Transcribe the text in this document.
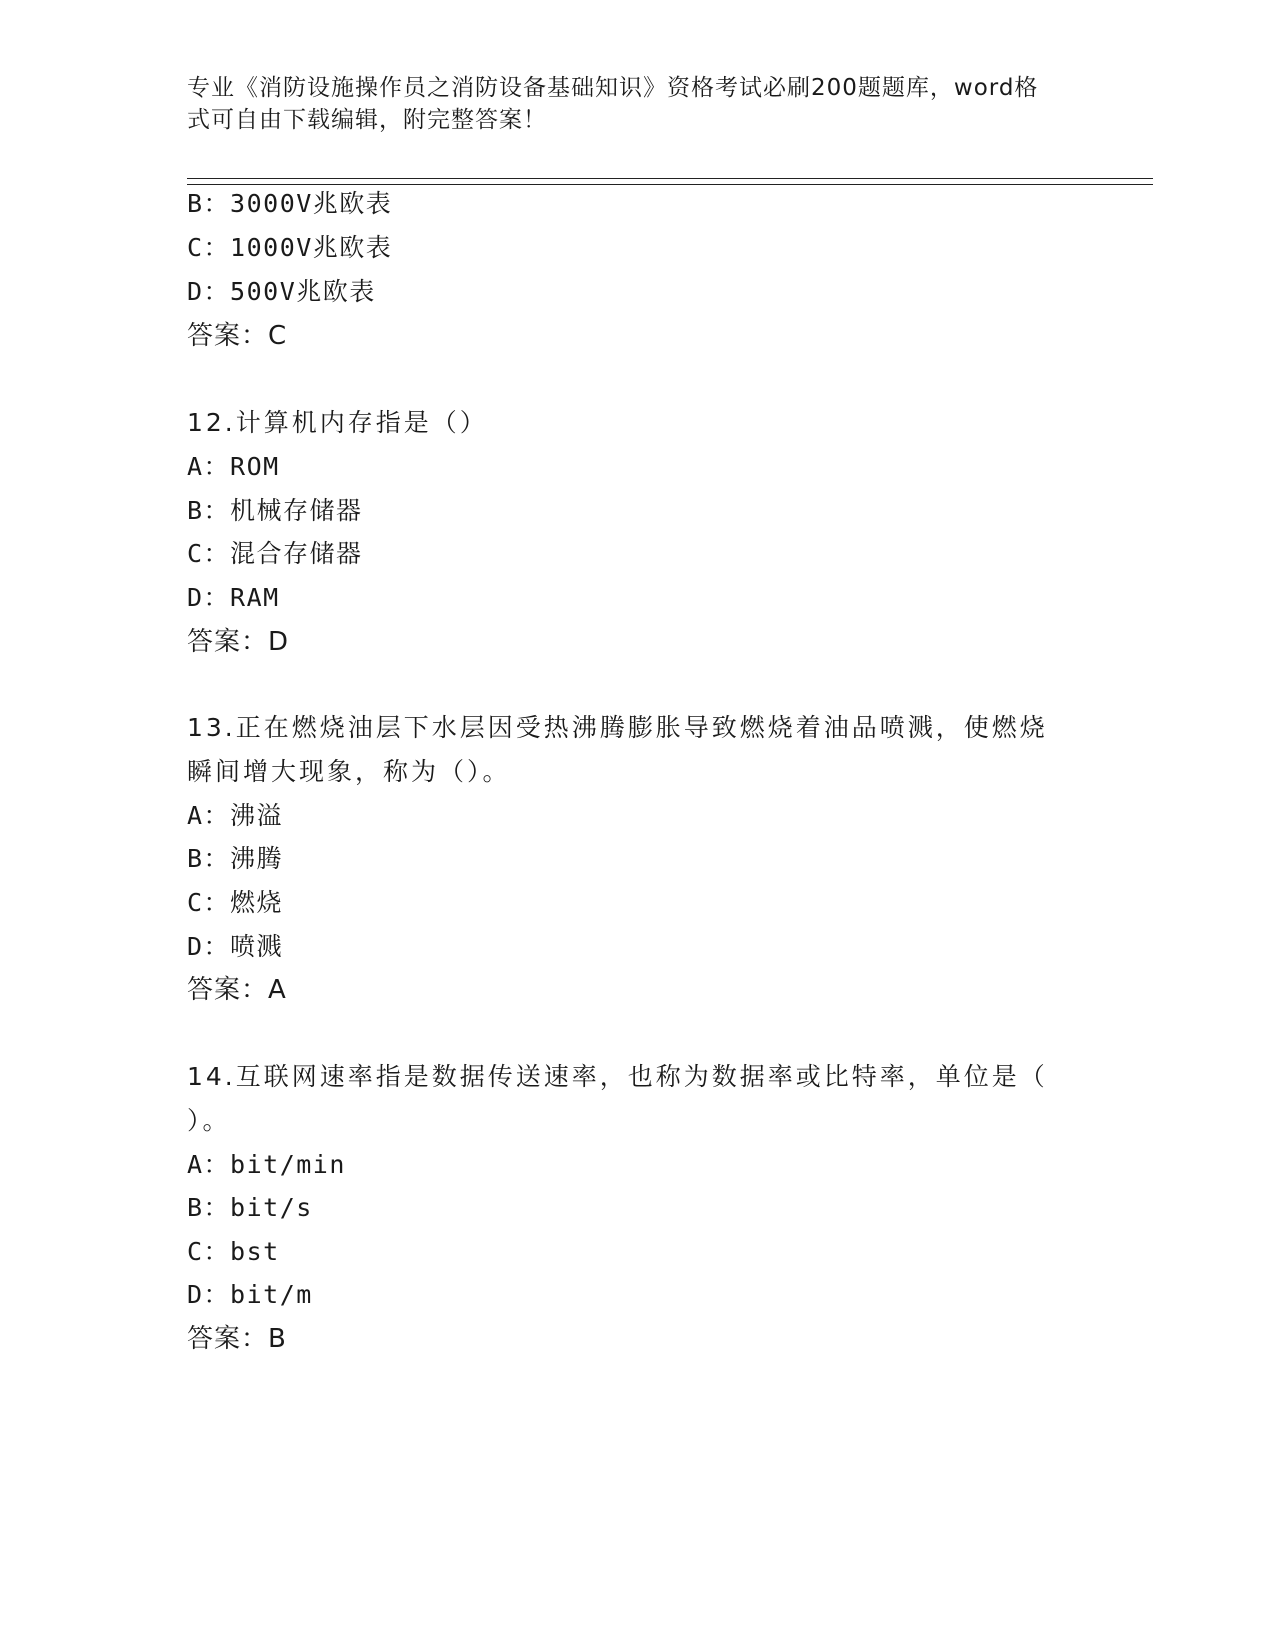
专业《消防设施操作员之消防设备基础知识》资格考试必刷200题题库，word格
式可自由下载编辑，附完整答案！
B：3000V兆欧表
C：1000V兆欧表
D：500V兆欧表
答案：C
12.计算机内存指是（）
A：ROM
B：机械存储器
C：混合存储器
D：RAM
答案：D
13.正在燃烧油层下水层因受热沸腾膨胀导致燃烧着油品喷溅，使燃烧
瞬间增大现象，称为（）。
A：沸溢
B：沸腾
C：燃烧
D：喷溅
答案：A
14.互联网速率指是数据传送速率，也称为数据率或比特率，单位是（
）。
A：bit/min
B：bit/s
C：bst
D：bit/m
答案：B
